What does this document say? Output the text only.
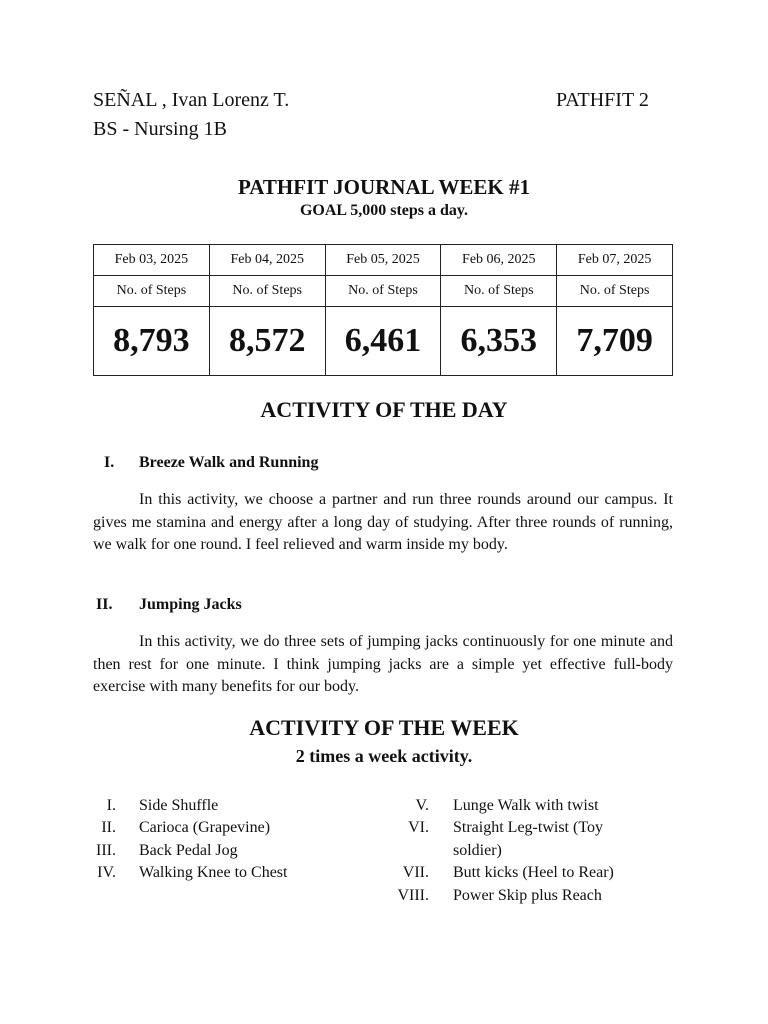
SEÑAL , Ivan Lorenz T.	PATHFIT 2
BS - Nursing 1B
PATHFIT JOURNAL WEEK #1
GOAL 5,000 steps a day.
Feb 03, 2025	Feb 04, 2025	Feb 05, 2025	Feb 06, 2025	Feb 07, 2025
No. of Steps	No. of Steps	No. of Steps	No. of Steps	No. of Steps
8,793	8,572	6,461	6,353	7,709
ACTIVITY OF THE DAY
I. Breeze Walk and Running
In this activity, we choose a partner and run three rounds around our campus. It gives me stamina and energy after a long day of studying. After three rounds of running, we walk for one round. I feel relieved and warm inside my body.
II. Jumping Jacks
In this activity, we do three sets of jumping jacks continuously for one minute and then rest for one minute. I think jumping jacks are a simple yet effective full-body exercise with many benefits for our body.
ACTIVITY OF THE WEEK
2 times a week activity.
I. Side Shuffle
II. Carioca (Grapevine)
III. Back Pedal Jog
IV. Walking Knee to Chest
V. Lunge Walk with twist
VI. Straight Leg-twist (Toy soldier)
VII. Butt kicks (Heel to Rear)
VIII. Power Skip plus Reach
